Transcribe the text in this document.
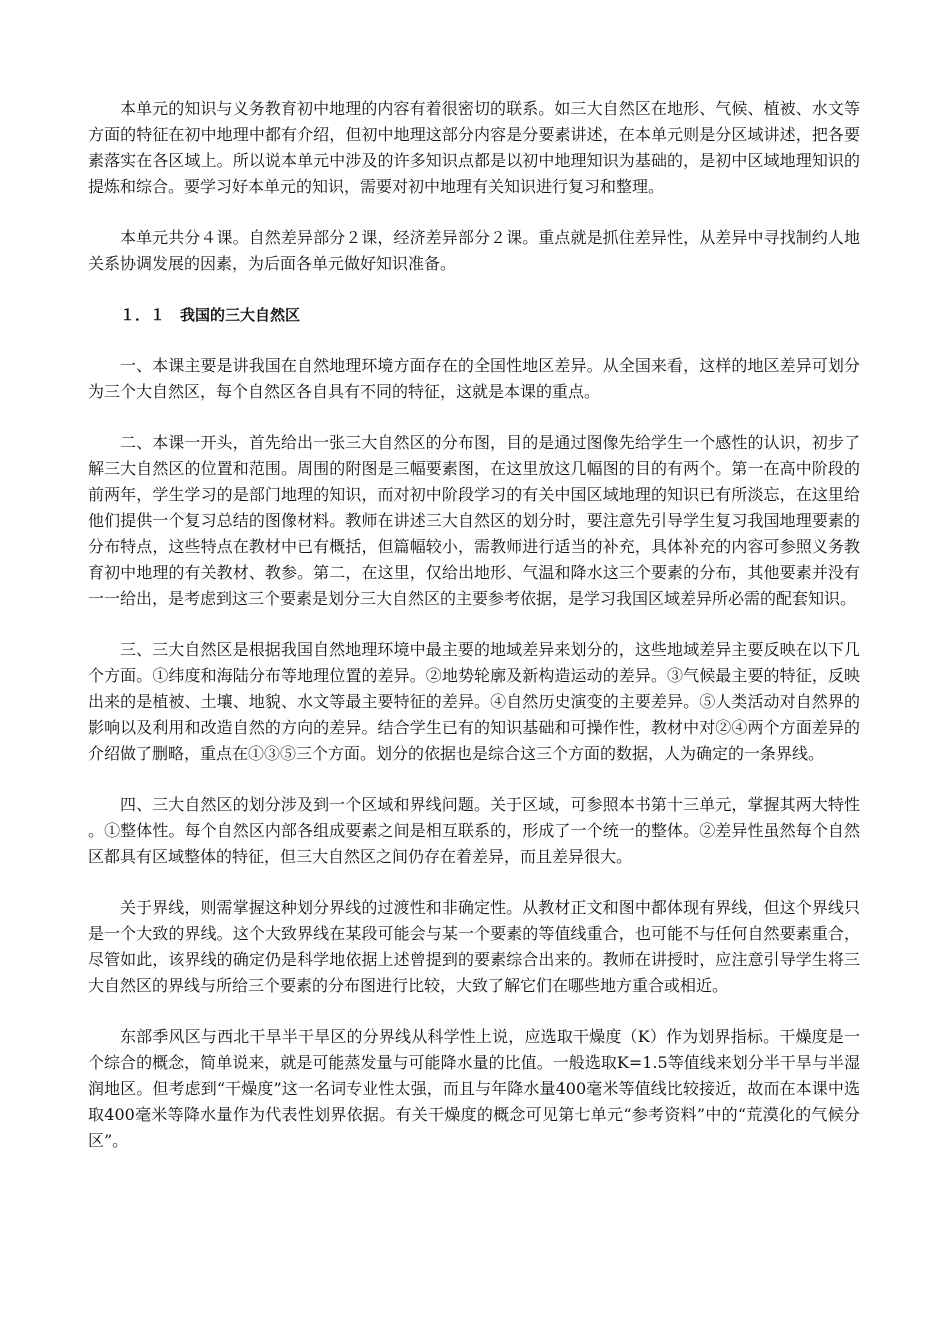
本单元的知识与义务教育初中地理的内容有着很密切的联系。如三大自然区在地形、气候、植被、水文等方面的特征在初中地理中都有介绍，但初中地理这部分内容是分要素讲述，在本单元则是分区域讲述，把各要素落实在各区域上。所以说本单元中涉及的许多知识点都是以初中地理知识为基础的，是初中区域地理知识的提炼和综合。要学习好本单元的知识，需要对初中地理有关知识进行复习和整理。

本单元共分４课。自然差异部分２课，经济差异部分２课。重点就是抓住差异性，从差异中寻找制约人地关系协调发展的因素，为后面各单元做好知识准备。

１．１　我国的三大自然区

一、本课主要是讲我国在自然地理环境方面存在的全国性地区差异。从全国来看，这样的地区差异可划分为三个大自然区，每个自然区各自具有不同的特征，这就是本课的重点。

二、本课一开头，首先给出一张三大自然区的分布图，目的是通过图像先给学生一个感性的认识，初步了解三大自然区的位置和范围。周围的附图是三幅要素图，在这里放这几幅图的目的有两个。第一在高中阶段的前两年，学生学习的是部门地理的知识，而对初中阶段学习的有关中国区域地理的知识已有所淡忘，在这里给他们提供一个复习总结的图像材料。教师在讲述三大自然区的划分时，要注意先引导学生复习我国地理要素的分布特点，这些特点在教材中已有概括，但篇幅较小，需教师进行适当的补充，具体补充的内容可参照义务教育初中地理的有关教材、教参。第二，在这里，仅给出地形、气温和降水这三个要素的分布，其他要素并没有一一给出，是考虑到这三个要素是划分三大自然区的主要参考依据，是学习我国区域差异所必需的配套知识。

三、三大自然区是根据我国自然地理环境中最主要的地域差异来划分的，这些地域差异主要反映在以下几个方面。①纬度和海陆分布等地理位置的差异。②地势轮廓及新构造运动的差异。③气候最主要的特征，反映出来的是植被、土壤、地貌、水文等最主要特征的差异。④自然历史演变的主要差异。⑤人类活动对自然界的影响以及利用和改造自然的方向的差异。结合学生已有的知识基础和可操作性，教材中对②④两个方面差异的介绍做了删略，重点在①③⑤三个方面。划分的依据也是综合这三个方面的数据，人为确定的一条界线。

四、三大自然区的划分涉及到一个区域和界线问题。关于区域，可参照本书第十三单元，掌握其两大特性。①整体性。每个自然区内部各组成要素之间是相互联系的，形成了一个统一的整体。②差异性虽然每个自然区都具有区域整体的特征，但三大自然区之间仍存在着差异，而且差异很大。

关于界线，则需掌握这种划分界线的过渡性和非确定性。从教材正文和图中都体现有界线，但这个界线只是一个大致的界线。这个大致界线在某段可能会与某一个要素的等值线重合，也可能不与任何自然要素重合，尽管如此，该界线的确定仍是科学地依据上述曾提到的要素综合出来的。教师在讲授时，应注意引导学生将三大自然区的界线与所给三个要素的分布图进行比较，大致了解它们在哪些地方重合或相近。

东部季风区与西北干旱半干旱区的分界线从科学性上说，应选取干燥度（K）作为划界指标。干燥度是一个综合的概念，简单说来，就是可能蒸发量与可能降水量的比值。一般选取K=1.5等值线来划分半干旱与半湿润地区。但考虑到“干燥度”这一名词专业性太强，而且与年降水量400毫米等值线比较接近，故而在本课中选取400毫米等降水量作为代表性划界依据。有关干燥度的概念可见第七单元“参考资料”中的“荒漠化的气候分区”。
